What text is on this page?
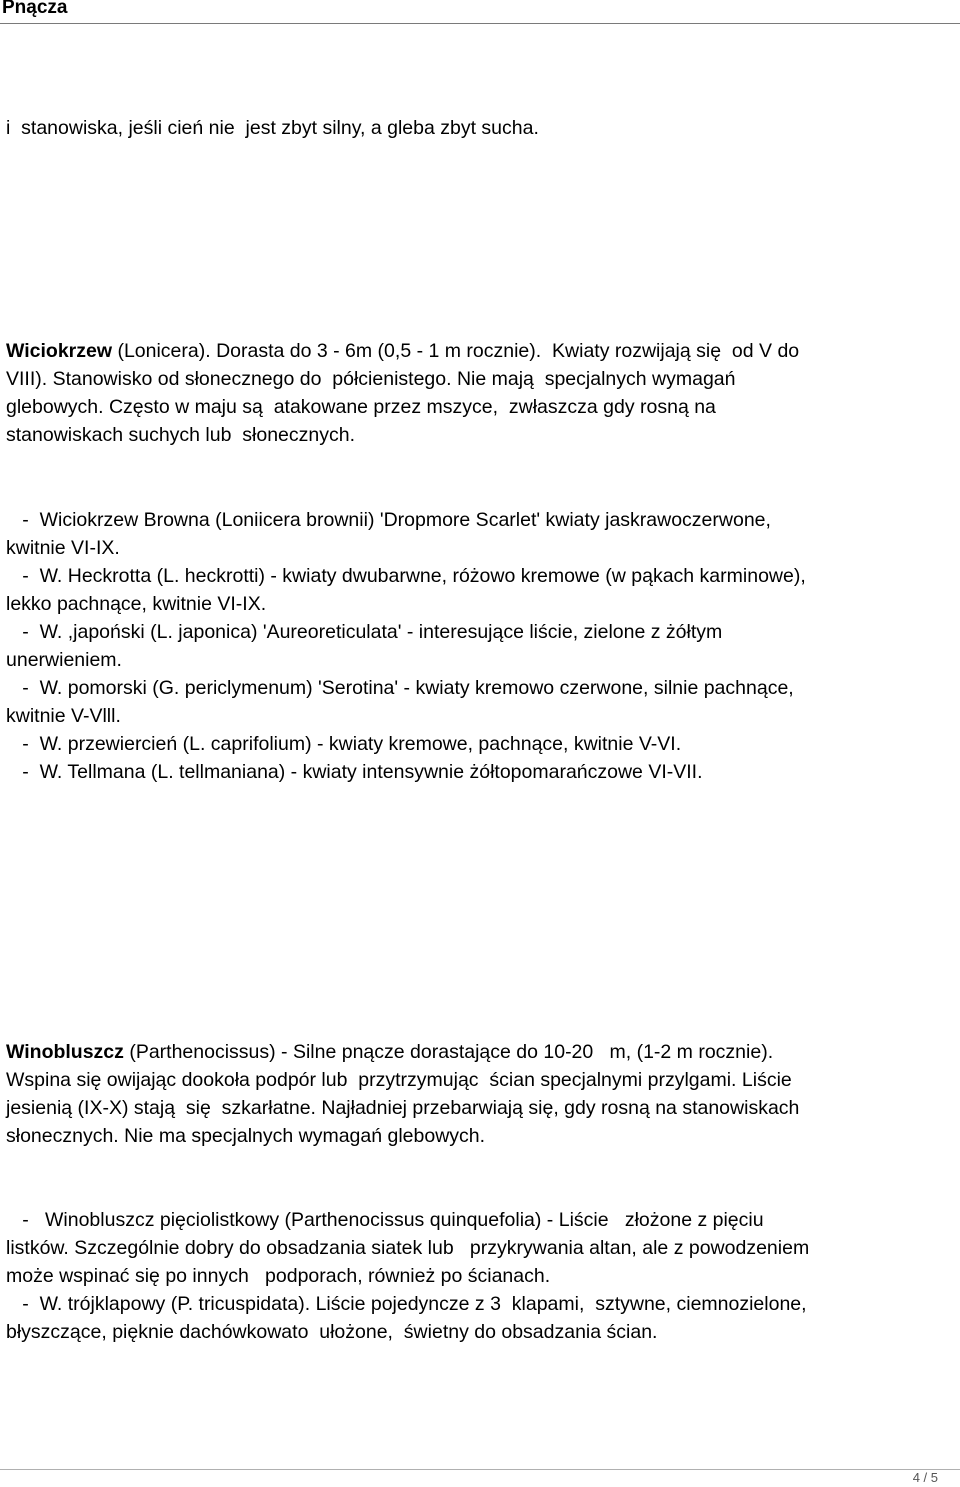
Pnącza
i  stanowiska, jeśli cień nie  jest zbyt silny, a gleba zbyt sucha.
Wiciokrzew (Lonicera). Dorasta do 3 - 6m (0,5 - 1 m rocznie).  Kwiaty rozwijają się  od V do
VIII). Stanowisko od słonecznego do  półcienistego. Nie mają  specjalnych wymagań
glebowych. Często w maju są  atakowane przez mszyce,  zwłaszcza gdy rosną na
stanowiskach suchych lub  słonecznych.
-  Wiciokrzew Browna (Loniicera brownii) 'Dropmore Scarlet' kwiaty jaskrawoczerwone,
kwitnie VI-IX.
-  W. Heckrotta (L. heckrotti) - kwiaty dwubarwne, różowo kremowe (w pąkach karminowe),
lekko pachnące, kwitnie VI-IX.
-  W. ,japoński (L. japonica) 'Aureoreticulata' - interesujące liście, zielone z żółtym
unerwieniem.
-  W. pomorski (G. periclymenum) 'Serotina' - kwiaty kremowo czerwone, silnie pachnące,
kwitnie V-Vlll.
-  W. przewiercień (L. caprifolium) - kwiaty kremowe, pachnące, kwitnie V-VI.
-  W. Tellmana (L. tellmaniana) - kwiaty intensywnie żółtopomarańczowe VI-VII.
Winobluszcz (Parthenocissus) - Silne pnącze dorastające do 10-20   m, (1-2 m rocznie).
Wspina się owijając dookoła podpór lub  przytrzymując  ścian specjalnymi przylgami. Liście
jesienią (IX-X) stają  się  szkarłatne. Najładniej przebarwiają się, gdy rosną na stanowiskach
słonecznych. Nie ma specjalnych wymagań glebowych.
-   Winobluszcz pięciolistkowy (Parthenocissus quinquefolia) - Liście   złożone z pięciu
listków. Szczególnie dobry do obsadzania siatek lub   przykrywania altan, ale z powodzeniem
może wspinać się po innych   podporach, również po ścianach.
-  W. trójklapowy (P. tricuspidata). Liście pojedyncze z 3  klapami,  sztywne, ciemnozielone,
błyszczące, pięknie dachówkowato  ułożone,  świetny do obsadzania ścian.
4 / 5
